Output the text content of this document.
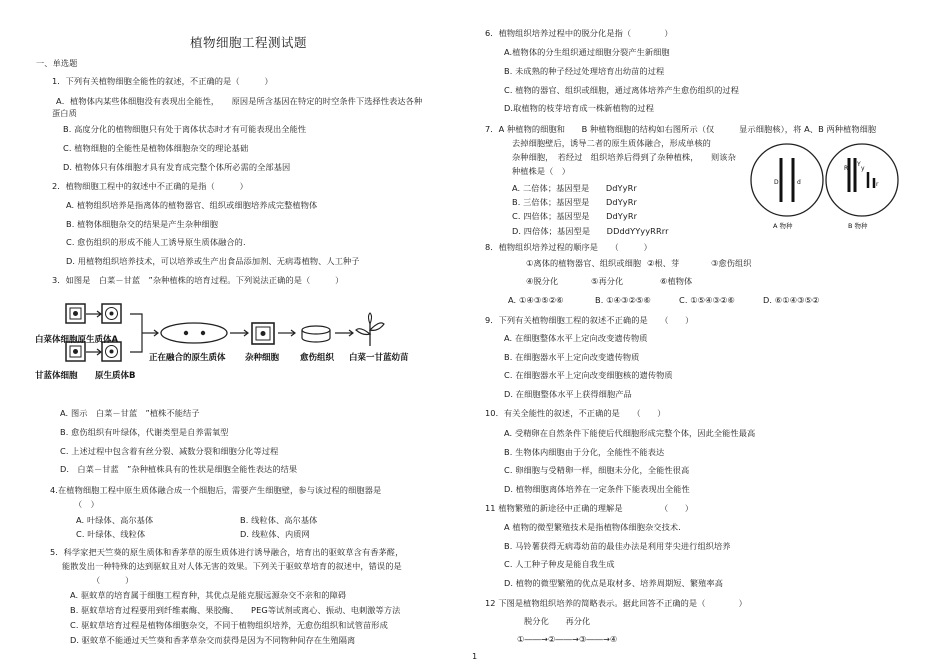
植物细胞工程测试题
一、单选题
1．下列有关植物细胞全能性的叙述，不正确的是（　　　）
A．植物体内某些体细胞没有表现出全能性，　　原因是所含基因在特定的时空条件下选择性表达各种
蛋白质
B. 高度分化的植物细胞只有处于离体状态时才有可能表现出全能性
C. 植物细胞的全能性是植物体细胞杂交的理论基础
D. 植物体只有体细胞才具有发育成完整个体所必需的全部基因
2．植物细胞工程中的叙述中不正确的是指（　　　）
A. 植物组织培养是指离体的植物器官、组织或细胞培养成完整植物体
B. 植物体细胞杂交的结果是产生杂种细胞
C. 愈伤组织的形成不能人工诱导原生质体融合的.
D. 用植物组织培养技术，可以培养或生产出食品添加剂、无病毒植物、人工种子
3．如图是　白菜－甘蓝　”杂种植株的培育过程。下列说法正确的是（　　　）
白菜体细胞原生质体A
甘蓝体细胞 原生质体B
正在融合的原生质体 杂种细胞 愈伤组织 白菜一甘蓝幼苗
A. 图示　白菜－甘蓝　”植株不能结子
B. 愈伤组织有叶绿体，代谢类型是自养需氧型
C. 上述过程中包含着有丝分裂、减数分裂和细胞分化等过程
D.　白菜－甘蓝　”杂种植株具有的性状是细胞全能性表达的结果
4.在植物细胞工程中原生质体融合成一个细胞后，需要产生细胞壁，参与该过程的细胞器是
（　）
A. 叶绿体、高尔基体	B. 线粒体、高尔基体
C. 叶绿体、线粒体	D. 线粒体、内质网
5．科学家把天竺葵的原生质体和香茅草的原生质体进行诱导融合，培育出的驱蚊草含有香茅醛，
能散发出一种特殊的达到驱蚊且对人体无害的效果。下列关于驱蚊草培育的叙述中，错误的是
（　　　）
A. 驱蚊草的培育属于细胞工程育种，其优点是能克服远源杂交不亲和的障碍
B. 驱蚊草培育过程要用到纤维素酶、果胶酶、　　PEG等试剂或离心、振动、电刺激等方法
C. 驱蚊草培育过程是植物体细胞杂交，不同于植物组织培养，无愈伤组织和试管苗形成
D. 驱蚊草不能通过天竺葵和香茅草杂交而获得是因为不同物种间存在生殖隔离
6．植物组织培养过程中的脱分化是指（　　　　）
A.植物体的分生组织通过细胞分裂产生新细胞
B. 未成熟的种子经过处理培育出幼苗的过程
C. 植物的器官、组织或细胞，通过离体培养产生愈伤组织的过程
D.取植物的枝芽培育成一株新植物的过程
7．A 种植物的细胞和　　B 种植物细胞的结构如右图所示（仅　　　显示细胞核），将 A、B 两种植物细胞
去掉细胞壁后，诱导二者的原生质体融合，形成单核的
杂种细胞，　若经过　组织培养后得到了杂种植株，　　则该杂
种植株是（　）
A. 二倍体；基因型是　　DdYyRr
B. 三倍体；基因型是　　DdYyRr
C. 四倍体；基因型是　　DdYyRr
D. 四倍体；基因型是　　DDddYYyyRRrr
D	d
R
Y
y
r
A 物种	B 物种
8．植物组织培养过程的顺序是　　（　　　）
①离体的植物器官、组织或细胞 ②根、芽	③愈伤组织
④脱分化	⑤再分化	⑥植物体
A. ①④③⑤②⑥	B. ①④③②⑤⑥	C. ①⑤④③②⑥	D. ⑥①④③⑤②
9．下列有关植物细胞工程的叙述不正确的是　　（　　）
A. 在细胞整体水平上定向改变遗传物质
B. 在细胞器水平上定向改变遗传物质
C. 在细胞器水平上定向改变细胞核的遗传物质
D. 在细胞整体水平上获得细胞产品
10．有关全能性的叙述，不正确的是　　（　　）
A. 受精卵在自然条件下能使后代细胞形成完整个体，因此全能性最高
B. 生物体内细胞由于分化，全能性不能表达
C. 卵细胞与受精卵一样，细胞未分化，全能性很高
D. 植物细胞离体培养在一定条件下能表现出全能性
11 植物繁殖的新途径中正确的理解是　　　　　（　　）
A 植物的微型繁殖技术是指植物体细胞杂交技术.
B. 马铃薯获得无病毒幼苗的最佳办法是利用芽尖进行组织培养
C. 人工种子种皮是能自我生成
D. 植物的微型繁殖的优点是取材多、培养周期短、繁殖率高
12 下图是植物组织培养的简略表示。据此回答不正确的是（　　　　）
脱分化　　再分化
①――→②――→③――→④
1
